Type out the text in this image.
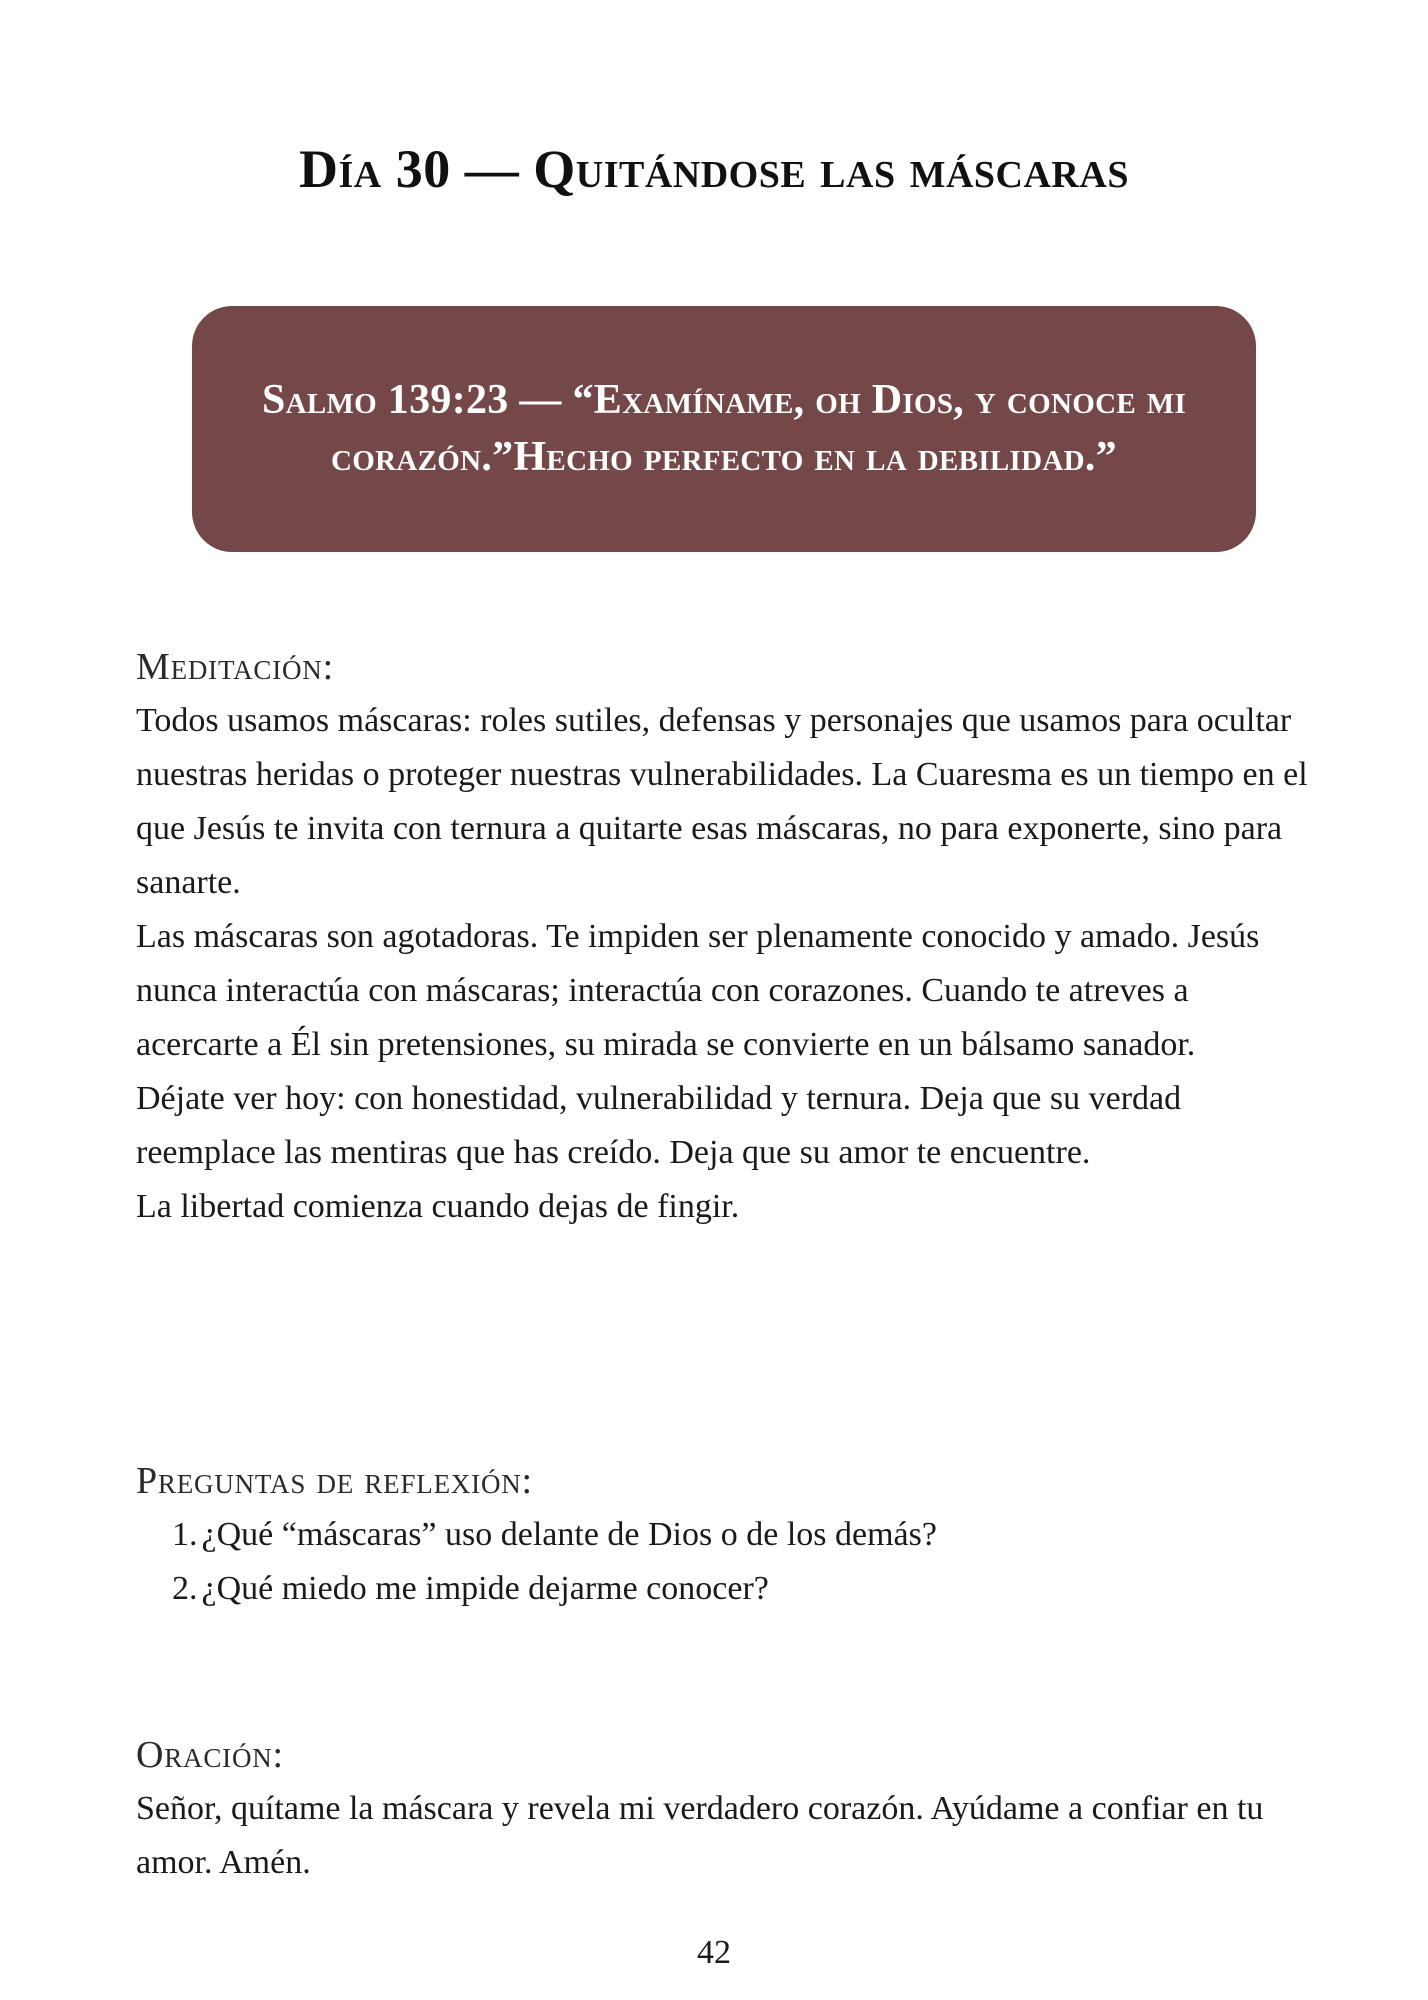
Día 30 — Quitándose las máscaras

Salmo 139:23 — “Examíname, oh Dios, y conoce mi corazón.”Hecho perfecto en la debilidad.”

Meditación:

Todos usamos máscaras: roles sutiles, defensas y personajes que usamos para ocultar nuestras heridas o proteger nuestras vulnerabilidades. La Cuaresma es un tiempo en el que Jesús te invita con ternura a quitarte esas máscaras, no para exponerte, sino para sanarte.

Las máscaras son agotadoras. Te impiden ser plenamente conocido y amado. Jesús nunca interactúa con máscaras; interactúa con corazones. Cuando te atreves a acercarte a Él sin pretensiones, su mirada se convierte en un bálsamo sanador.

Déjate ver hoy: con honestidad, vulnerabilidad y ternura. Deja que su verdad reemplace las mentiras que has creído. Deja que su amor te encuentre.

La libertad comienza cuando dejas de fingir.

Preguntas de reflexión:
1. ¿Qué “máscaras” uso delante de Dios o de los demás?
2. ¿Qué miedo me impide dejarme conocer?
Oración:

Señor, quítame la máscara y revela mi verdadero corazón. Ayúdame a confiar en tu amor. Amén.

42
